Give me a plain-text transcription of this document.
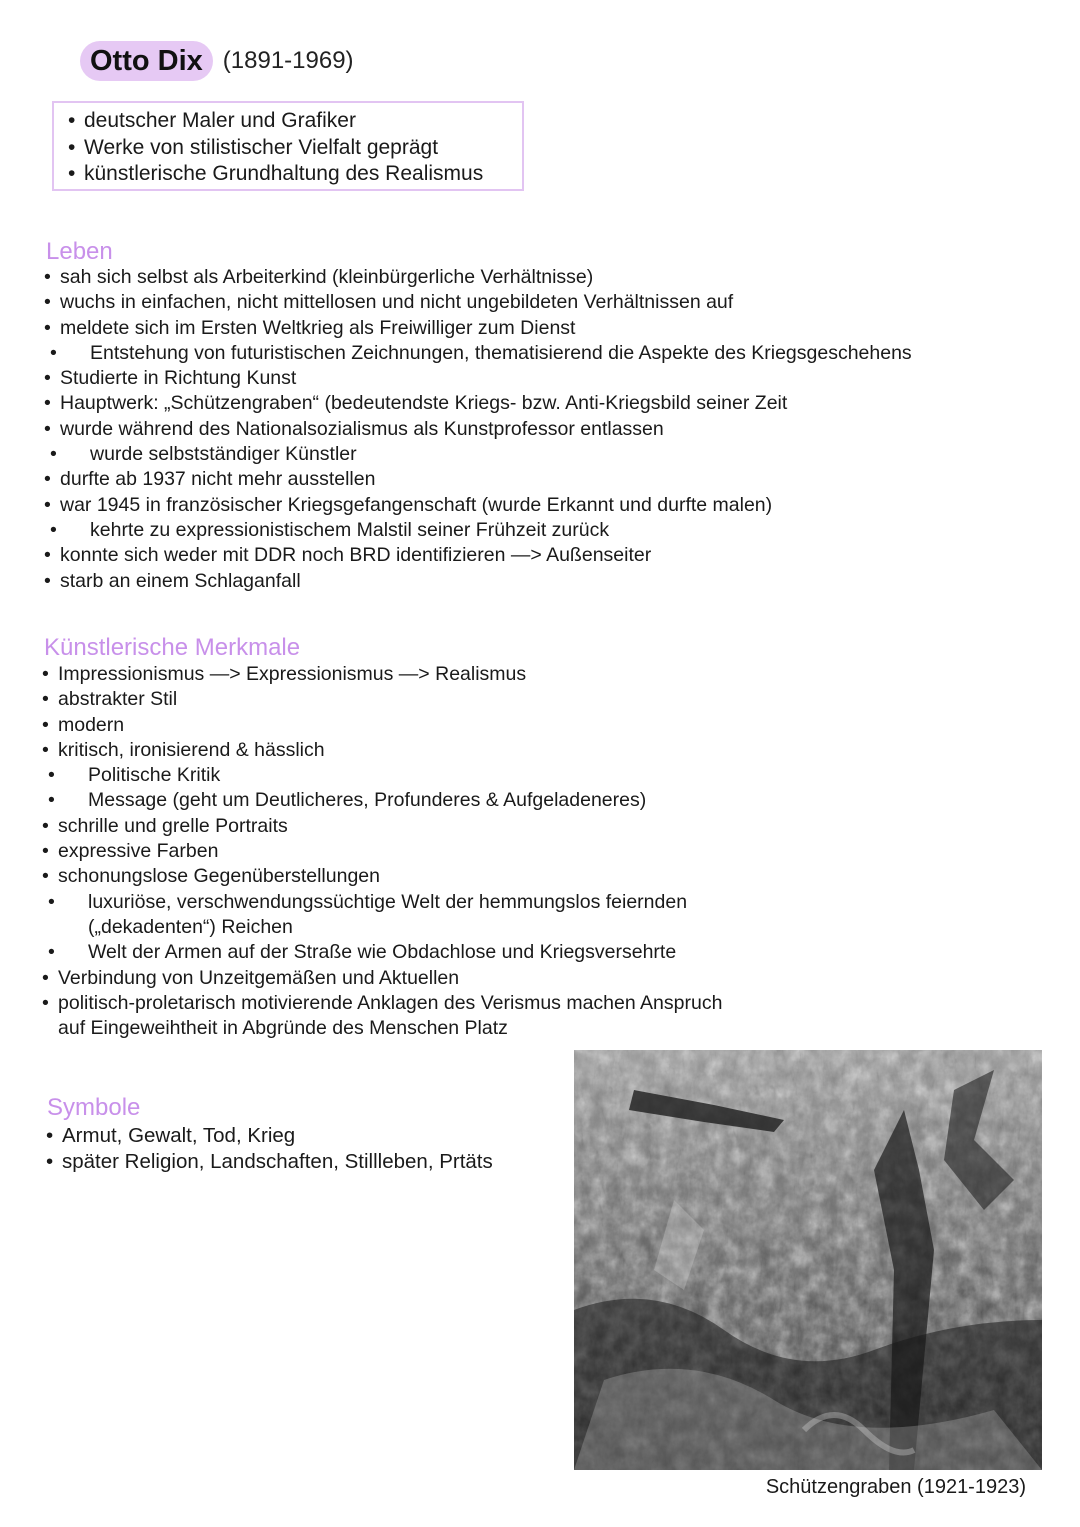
Otto Dix (1891-1969)
• deutscher Maler und Grafiker
• Werke von stilistischer Vielfalt geprägt
• künstlerische Grundhaltung des Realismus
Leben
• sah sich selbst als Arbeiterkind (kleinbürgerliche Verhältnisse)
• wuchs in einfachen, nicht mittellosen und nicht ungebildeten Verhältnissen auf
• meldete sich im Ersten Weltkrieg als Freiwilliger zum Dienst
• Entstehung von futuristischen Zeichnungen, thematisierend die Aspekte des Kriegsgeschehens
• Studierte in Richtung Kunst
• Hauptwerk: „Schützengraben“ (bedeutendste Kriegs- bzw. Anti-Kriegsbild seiner Zeit
• wurde während des Nationalsozialismus als Kunstprofessor entlassen
• wurde selbstständiger Künstler
• durfte ab 1937 nicht mehr ausstellen
• war 1945 in französischer Kriegsgefangenschaft (wurde Erkannt und durfte malen)
• kehrte zu expressionistischem Malstil seiner Frühzeit zurück
• konnte sich weder mit DDR noch BRD identifizieren —> Außenseiter
• starb an einem Schlaganfall
Künstlerische Merkmale
• Impressionismus —> Expressionismus —> Realismus
• abstrakter Stil
• modern
• kritisch, ironisierend & hässlich
• Politische Kritik
• Message (geht um Deutlicheres, Profunderes & Aufgeladeneres)
• schrille und grelle Portraits
• expressive Farben
• schonungslose Gegenüberstellungen
• luxuriöse, verschwendungssüchtige Welt der hemmungslos feiernden
(„dekadenten“) Reichen
• Welt der Armen auf der Straße wie Obdachlose und Kriegsversehrte
• Verbindung von Unzeitgemäßen und Aktuellen
• politisch-proletarisch motivierende Anklagen des Verismus machen Anspruch
auf Eingeweihtheit in Abgründe des Menschen Platz
Symbole
• Armut, Gewalt, Tod, Krieg
• später Religion, Landschaften, Stillleben, Prtäts
Schützengraben (1921-1923)
